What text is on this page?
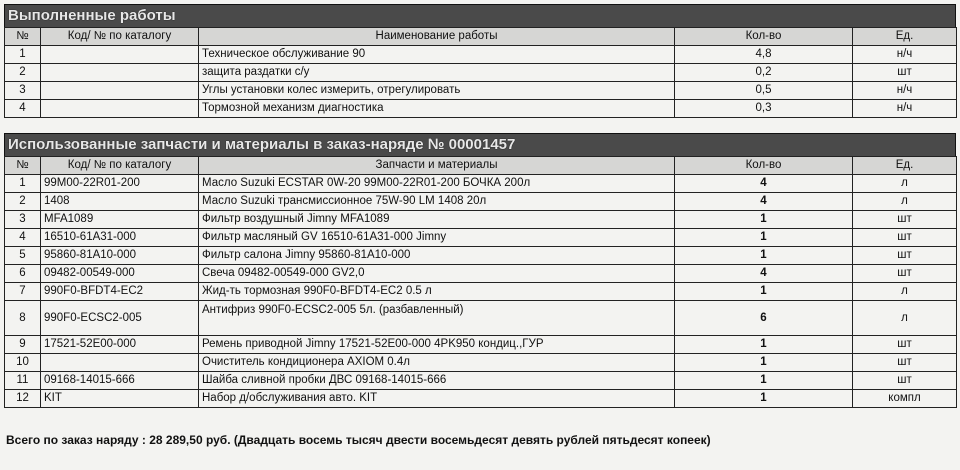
Выполненные работы
№	Код/ № по каталогу	Наименование работы	Кол-во	Ед.
1		Техническое обслуживание 90	4,8	н/ч
2		защита раздатки с/у	0,2	шт
3		Углы установки колес измерить, отрегулировать	0,5	н/ч
4		Тормозной механизм диагностика	0,3	н/ч
Использованные запчасти и материалы в заказ-наряде № 00001457
№	Код/ № по каталогу	Запчасти и материалы	Кол-во	Ед.
1	99M00-22R01-200	Масло Suzuki ECSTAR 0W-20 99M00-22R01-200 БОЧКА 200л	4	л
2	1408	Масло Suzuki трансмиссионное 75W-90 LM 1408 20л	4	л
3	MFA1089	Фильтр воздушный Jimny MFA1089	1	шт
4	16510-61A31-000	Фильтр масляный GV 16510-61A31-000 Jimny	1	шт
5	95860-81A10-000	Фильтр салона Jimny 95860-81A10-000	1	шт
6	09482-00549-000	Свеча 09482-00549-000 GV2,0	4	шт
7	990F0-BFDT4-EC2	Жид-ть тормозная 990F0-BFDT4-EC2 0.5 л	1	л
8	990F0-ECSC2-005	Антифриз 990F0-ECSC2-005 5л. (разбавленный)	6	л
9	17521-52E00-000	Ремень приводной Jimny 17521-52E00-000 4PK950 кондиц.,ГУР	1	шт
10		Очиститель кондиционера AXIOM 0.4л	1	шт
11	09168-14015-666	Шайба сливной пробки ДВС 09168-14015-666	1	шт
12	KIT	Набор д/обслуживания авто. KIT	1	компл
Всего по заказ наряду : 28 289,50 руб. (Двадцать восемь тысяч двести восемьдесят девять рублей пятьдесят копеек)
